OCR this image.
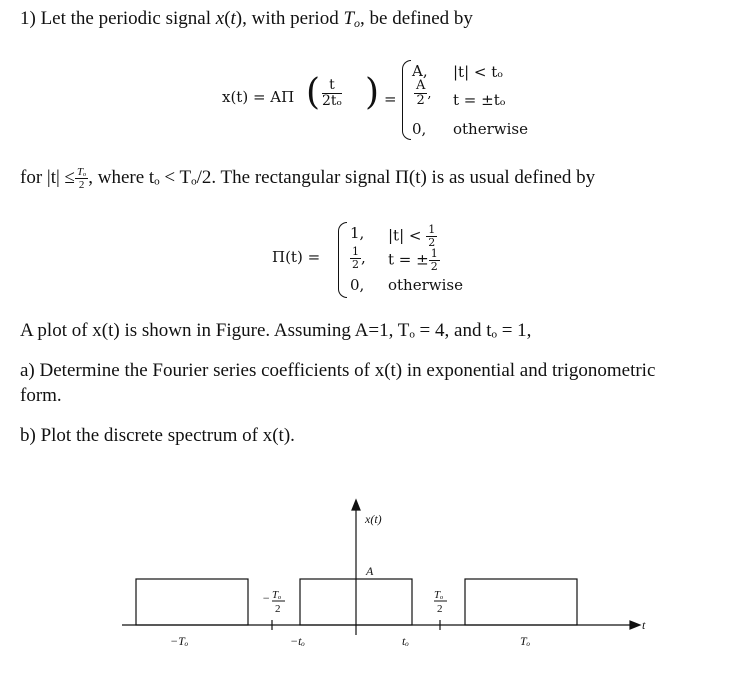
1) Let the periodic signal x(t), with period $T_o$, be defined by
x(t) = AΠ ( $\frac{t}{\text{2tₒ}}$ ) =
A, |t| < tₒ
$\frac{A}{2}$ , t = ±tₒ
0, otherwise
for $|t| \le \frac{\text{Tₒ}}{2}$ , where tₒ < Tₒ/2. The rectangular signal Π(t) is as usual defined by
Π(t) =
1, $|t| < \frac{1}{2}$
$\frac{1}{2}$ , t = ± $\frac{1}{2}$
0, otherwise
A plot of x(t) is shown in Figure. Assuming A=1, Tₒ = 4, and tₒ = 1,
a) Determine the Fourier series coefficients of x(t) in exponential and trigonometric
form.
b) Plot the discrete spectrum of x(t).
−Tₒ	−tₒ	tₒ	Tₒ
x(t)
A
t
− Tₒ
2
Tₒ
2
